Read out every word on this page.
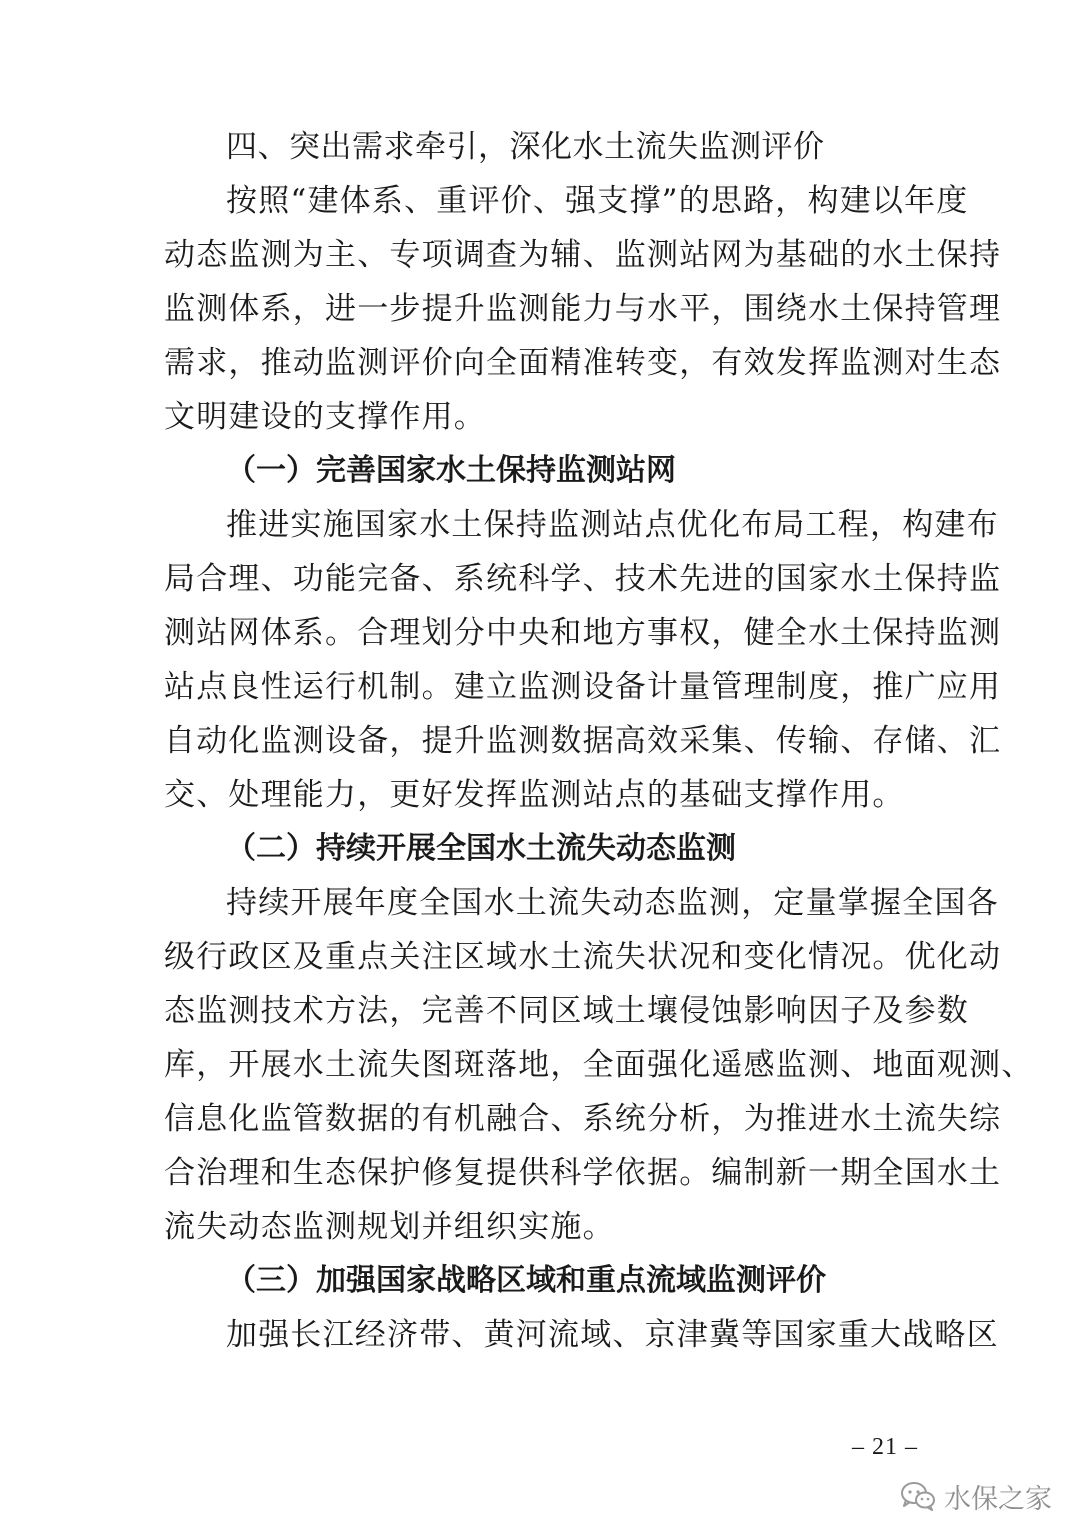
四、突出需求牵引，深化水土流失监测评价
按照“建体系、重评价、强支撑”的思路，构建以年度
动态监测为主、专项调查为辅、监测站网为基础的水土保持
监测体系，进一步提升监测能力与水平，围绕水土保持管理
需求，推动监测评价向全面精准转变，有效发挥监测对生态
文明建设的支撑作用。
（一）完善国家水土保持监测站网
推进实施国家水土保持监测站点优化布局工程，构建布
局合理、功能完备、系统科学、技术先进的国家水土保持监
测站网体系。合理划分中央和地方事权，健全水土保持监测
站点良性运行机制。建立监测设备计量管理制度，推广应用
自动化监测设备，提升监测数据高效采集、传输、存储、汇
交、处理能力，更好发挥监测站点的基础支撑作用。
（二）持续开展全国水土流失动态监测
持续开展年度全国水土流失动态监测，定量掌握全国各
级行政区及重点关注区域水土流失状况和变化情况。优化动
态监测技术方法，完善不同区域土壤侵蚀影响因子及参数
库，开展水土流失图斑落地，全面强化遥感监测、地面观测、
信息化监管数据的有机融合、系统分析，为推进水土流失综
合治理和生态保护修复提供科学依据。编制新一期全国水土
流失动态监测规划并组织实施。
（三）加强国家战略区域和重点流域监测评价
加强长江经济带、黄河流域、京津冀等国家重大战略区
– 21 –
水保之家
